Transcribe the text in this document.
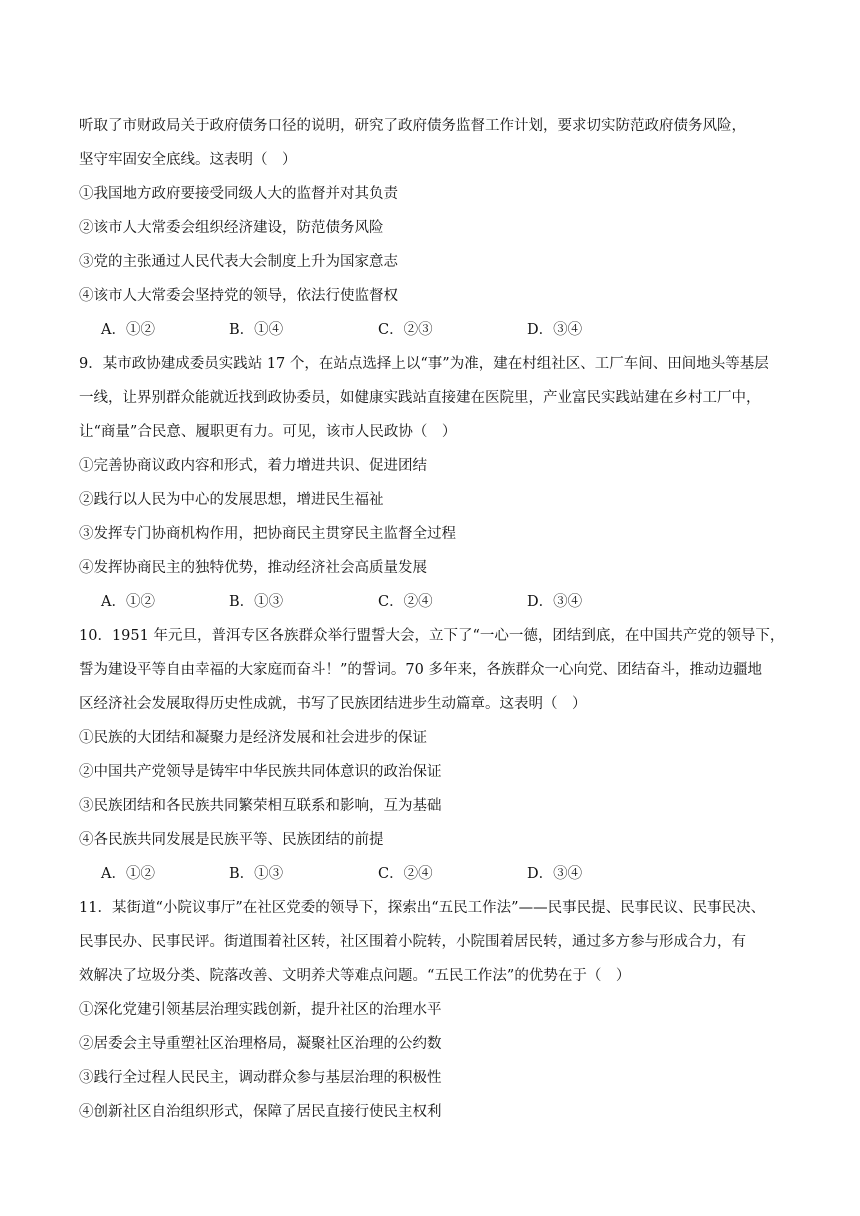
听取了市财政局关于政府债务口径的说明，研究了政府债务监督工作计划，要求切实防范政府债务风险，
坚守牢固安全底线。这表明（　）
①我国地方政府要接受同级人大的监督并对其负责
②该市人大常委会组织经济建设，防范债务风险
③党的主张通过人民代表大会制度上升为国家意志
④该市人大常委会坚持党的领导，依法行使监督权
A．①②	B．①④	C．②③	D．③④
9．某市政协建成委员实践站 17 个，在站点选择上以“事”为准，建在村组社区、工厂车间、田间地头等基层
一线，让界别群众能就近找到政协委员，如健康实践站直接建在医院里，产业富民实践站建在乡村工厂中，
让“商量”合民意、履职更有力。可见，该市人民政协（　）
①完善协商议政内容和形式，着力增进共识、促进团结
②践行以人民为中心的发展思想，增进民生福祉
③发挥专门协商机构作用，把协商民主贯穿民主监督全过程
④发挥协商民主的独特优势，推动经济社会高质量发展
A．①②	B．①③	C．②④	D．③④
10．1951 年元旦，普洱专区各族群众举行盟誓大会，立下了“一心一德，团结到底，在中国共产党的领导下，
誓为建设平等自由幸福的大家庭而奋斗！”的誓词。70 多年来，各族群众一心向党、团结奋斗，推动边疆地
区经济社会发展取得历史性成就，书写了民族团结进步生动篇章。这表明（　）
①民族的大团结和凝聚力是经济发展和社会进步的保证
②中国共产党领导是铸牢中华民族共同体意识的政治保证
③民族团结和各民族共同繁荣相互联系和影响，互为基础
④各民族共同发展是民族平等、民族团结的前提
A．①②	B．①③	C．②④	D．③④
11．某街道“小院议事厅”在社区党委的领导下，探索出“五民工作法”——民事民提、民事民议、民事民决、
民事民办、民事民评。街道围着社区转，社区围着小院转，小院围着居民转，通过多方参与形成合力，有
效解决了垃圾分类、院落改善、文明养犬等难点问题。“五民工作法”的优势在于（　）
①深化党建引领基层治理实践创新，提升社区的治理水平
②居委会主导重塑社区治理格局，凝聚社区治理的公约数
③践行全过程人民民主，调动群众参与基层治理的积极性
④创新社区自治组织形式，保障了居民直接行使民主权利
